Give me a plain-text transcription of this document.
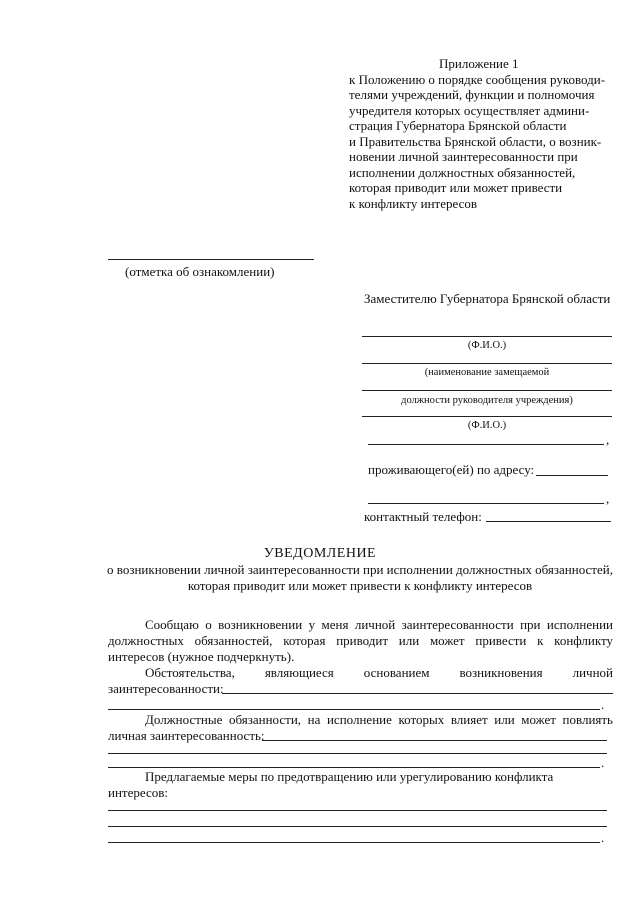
Приложение 1
к Положению о порядке сообщения руководи-
телями учреждений, функции и полномочия
учредителя которых осуществляет админи-
страция Губернатора Брянской области
и Правительства Брянской области, о возник-
новении личной заинтересованности при
исполнении должностных обязанностей,
которая приводит или может привести
к конфликту интересов
(отметка об ознакомлении)
Заместителю Губернатора Брянской области
(Ф.И.О.)
(наименование замещаемой
должности руководителя учреждения)
(Ф.И.О.)
,
проживающего(ей) по адресу:
,
контактный телефон:
УВЕДОМЛЕНИЕ
о возникновении личной заинтересованности при исполнении должностных обязанностей,
которая приводит или может привести к конфликту интересов
Сообщаю о возникновении у меня личной заинтересованности при исполнении
должностных обязанностей, которая приводит или может привести к конфликту
интересов (нужное подчеркнуть).
Обстоятельства, являющиеся основанием возникновения личной
заинтересованности:
.
Должностные обязанности, на исполнение которых влияет или может повлиять
личная заинтересованность:
.
Предлагаемые меры по предотвращению или урегулированию конфликта
интересов:
.
